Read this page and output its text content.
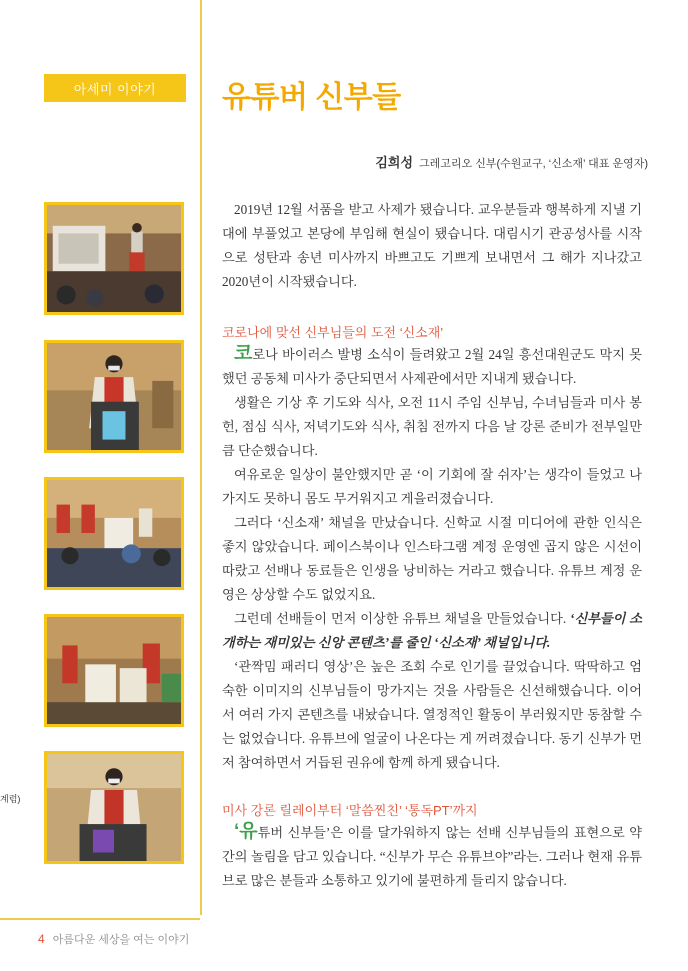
아세미 이야기	유튜버 신부들
김희성 그레고리오 신부(수원교구, ‘신소재’ 대표 운영자)
계럼)

2019년 12월 서품을 받고 사제가 됐습니다. 교우분들과 행복하게 지낼 기대에 부풀었고 본당에 부임해 현실이 됐습니다. 대림시기 관공성사를 시작으로 성탄과 송년 미사까지 바쁘고도 기쁘게 보내면서 그 해가 지나갔고 2020년이 시작됐습니다.

코로나에 맞선 신부님들의 도전 ‘신소재’

코로나 바이러스 발병 소식이 들려왔고 2월 24일 흥선대원군도 막지 못했던 공동체 미사가 중단되면서 사제관에서만 지내게 됐습니다.

생활은 기상 후 기도와 식사, 오전 11시 주임 신부님, 수녀님들과 미사 봉헌, 점심 식사, 저녁기도와 식사, 취침 전까지 다음 날 강론 준비가 전부일만큼 단순했습니다.

여유로운 일상이 불안했지만 곧 ‘이 기회에 잘 쉬자’는 생각이 들었고 나가지도 못하니 몸도 무거워지고 게을러졌습니다.

그러다 ‘신소재’ 채널을 만났습니다. 신학교 시절 미디어에 관한 인식은 좋지 않았습니다. 페이스북이나 인스타그램 계정 운영엔 곱지 않은 시선이 따랐고 선배나 동료들은 인생을 낭비하는 거라고 했습니다. 유튜브 계정 운영은 상상할 수도 없었지요.

그런데 선배들이 먼저 이상한 유튜브 채널을 만들었습니다. ‘신부들이 소개하는 재미있는 신앙 콘텐츠’를 줄인 ‘신소재’ 채널입니다.

‘관짝밈 패러디 영상’은 높은 조회 수로 인기를 끌었습니다. 딱딱하고 엄숙한 이미지의 신부님들이 망가지는 것을 사람들은 신선해했습니다. 이어서 여러 가지 콘텐츠를 내놨습니다. 열정적인 활동이 부러웠지만 동참할 수는 없었습니다. 유튜브에 얼굴이 나온다는 게 꺼려졌습니다. 동기 신부가 먼저 참여하면서 거듭된 권유에 함께 하게 됐습니다.

미사 강론 릴레이부터 ‘말씀찐친’ ‘통독PT’까지

‘유튜버 신부들’은 이를 달가워하지 않는 선배 신부님들의 표현으로 약간의 놀림을 담고 있습니다. “신부가 무슨 유튜브야”라는. 그러나 현재 유튜브로 많은 분들과 소통하고 있기에 불편하게 들리지 않습니다.

4 아름다운 세상을 여는 이야기
